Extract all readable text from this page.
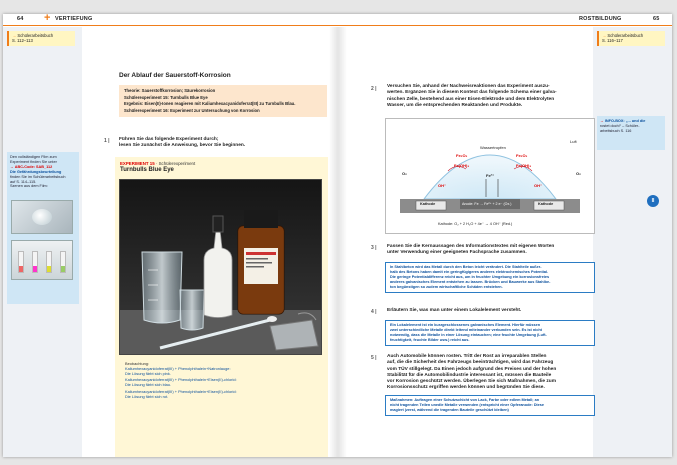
64 + VERTIEFUNG	ROSTBILDUNG	65
→ Schülerarbeitsbuch
S. 112–113
→ Schülerarbeitsbuch
S. 116–117
Den vollständigen Film zum
Experiment finden Sie unter
→ ABC-Code: SAB_112
Die Gefährdungsbeurteilung
finden Sie im Schülerarbeitsbuch
auf S. 114–115.
Szenen aus dem Film:
Der Ablauf der Sauerstoff-Korrosion
Theorie: Sauerstoffkorrosion; Säurekorrosion
Schülerexperiment 15: Turnbulls Blue Eye
Ergebnis: Eisen(II)-Ionen reagieren mit Kaliumhexacyanidoferrat(III) zu Turnbulls Blau.
Schülerexperiment 16: Experiment zur Untersuchung von Korrosion
1 | Führen Sie das folgende Experiment durch;
lesen Sie zunächst die Anweisung, bevor Sie beginnen.
EXPERIMENT 15 · Schülerexperiment
Turnbulls Blue Eye
Beobachtung:
Kaliumhexacyanidoferrat(III) + Phenolphthalein+Natronlauge:
Die Lösung färbt sich pink.
Kaliumhexacyanidoferrat(III) + Phenolphthalein+Eisen(II)-chlorid:
Die Lösung färbt sich blau.
Kaliumhexacyanidoferrat(III) + Phenolphthalein+Eisen(II)-chlorid:
Die Lösung färbt sich rot.
2 | Versuchen Sie, anhand der Nachweisreaktionen das Experiment auszu-
werten. Ergänzen Sie in diesem Kontext das folgende Schema einer galva-
nischen Zelle, bestehend aus einer Eisen-Elektrode und dem Elektrolyten
Wasser, um die entsprechenden Reaktanden und Produkte.
→ INFO-BOX: „... und die
rostet doch!“ – Schüler-
arbeitsbuch S. 116
Wassertropfen
Luft
O₂	O₂
Fe₂O₃
Fe(OH)₃
Fe₂O₃
Fe(OH)₃
OH⁻	OH⁻
Fe²⁺
Kathode	Kathode
Anode: Fe → Fe²⁺ + 2 e⁻ (Ox.)
Kathode: O₂ + 2 H₂O + 4e⁻ → 4 OH⁻ (Red.)
3 | Fassen Sie die Kernaussagen des Informationstextes mit eigenen Worten
unter Verwendung einer geeigneten Fachsprache zusammen.
In Stahlbeton wird das Metall durch den Beton leicht verändert. Die Stahlteile außer-
halb des Betons haben damit ein geringfügigeres anderes elektrochemisches Potential.
Die geringe Potentialdifferenz reicht aus, um in feuchter Umgebung ein korrosionsfreies
anderes galvanisches Element entstehen zu lassen. Brücken und Bauwerke aus Stahlbe-
ton begünstigen so zudem wirtschaftliche Schäden entstehen.
4 | Erläutern Sie, was man unter einem Lokalelement versteht.
Ein Lokalelement ist ein kurzgeschlossenes galvanisches Element. Hierfür müssen
zwei unterschiedliche Metalle direkt leitend miteinander verbunden sein. Es ist nicht
notwendig, dass die Metalle in einer Lösung eintauchen; eine feuchte Umgebung (Luft-
feuchtigkeit, feuchte Bilder usw.) reicht aus.
5 | Auch Automobile können rosten. Tritt der Rost an irreparablen Stellen
auf, die die Sicherheit des Fahrzeugs beeinträchtigen, wird das Fahrzeug
vom TÜV stillgelegt. Da Einen jedoch aufgrund des Preises und der hohen
Stabilität für die Automobilindustrie interessant ist, müssen die Bauteile
vor Korrosion geschützt werden. Überlegen Sie sich Maßnahmen, die zum
Korrosionsschutz ergriffen werden können und begründen Sie diese.
Maßnahmen: Auftragen einer Schutzschicht von Lack, Farbe oder edlem Metall; an
nicht tragenden Teilen unedle Metalle verwenden (entspricht einer Opferanode: Diese
magiert (zerst, während die tragenden Bauteile geschützt bleiben)
II
